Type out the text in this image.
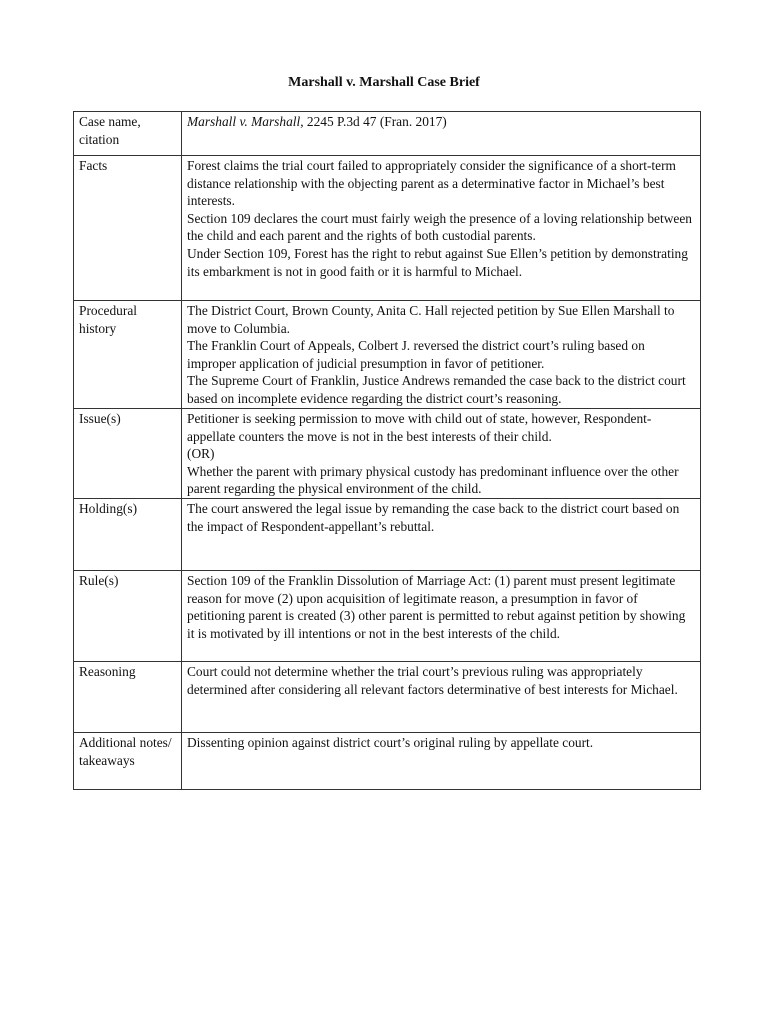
Marshall v. Marshall Case Brief
Case name, citation	Marshall v. Marshall, 2245 P.3d 47 (Fran. 2017)
Facts	Forest claims the trial court failed to appropriately consider the significance of a short-term distance relationship with the objecting parent as a determinative factor in Michael’s best interests.
Section 109 declares the court must fairly weigh the presence of a loving relationship between the child and each parent and the rights of both custodial parents.
Under Section 109, Forest has the right to rebut against Sue Ellen’s petition by demonstrating its embarkment is not in good faith or it is harmful to Michael.

Procedural history	The District Court, Brown County, Anita C. Hall rejected petition by Sue Ellen Marshall to move to Columbia.
The Franklin Court of Appeals, Colbert J. reversed the district court’s ruling based on improper application of judicial presumption in favor of petitioner.
The Supreme Court of Franklin, Justice Andrews remanded the case back to the district court based on incomplete evidence regarding the district court’s reasoning.

Issue(s)	Petitioner is seeking permission to move with child out of state, however, Respondent-appellate counters the move is not in the best interests of their child.
(OR)
Whether the parent with primary physical custody has predominant influence over the other parent regarding the physical environment of the child.

Holding(s)	The court answered the legal issue by remanding the case back to the district court based on the impact of Respondent-appellant’s rebuttal.

Rule(s)	Section 109 of the Franklin Dissolution of Marriage Act: (1) parent must present legitimate reason for move (2) upon acquisition of legitimate reason, a presumption in favor of petitioning parent is created (3) other parent is permitted to rebut against petition by showing it is motivated by ill intentions or not in the best interests of the child.

Reasoning	Court could not determine whether the trial court’s previous ruling was appropriately determined after considering all relevant factors determinative of best interests for Michael.

Additional notes/ takeaways	Dissenting opinion against district court’s original ruling by appellate court.
